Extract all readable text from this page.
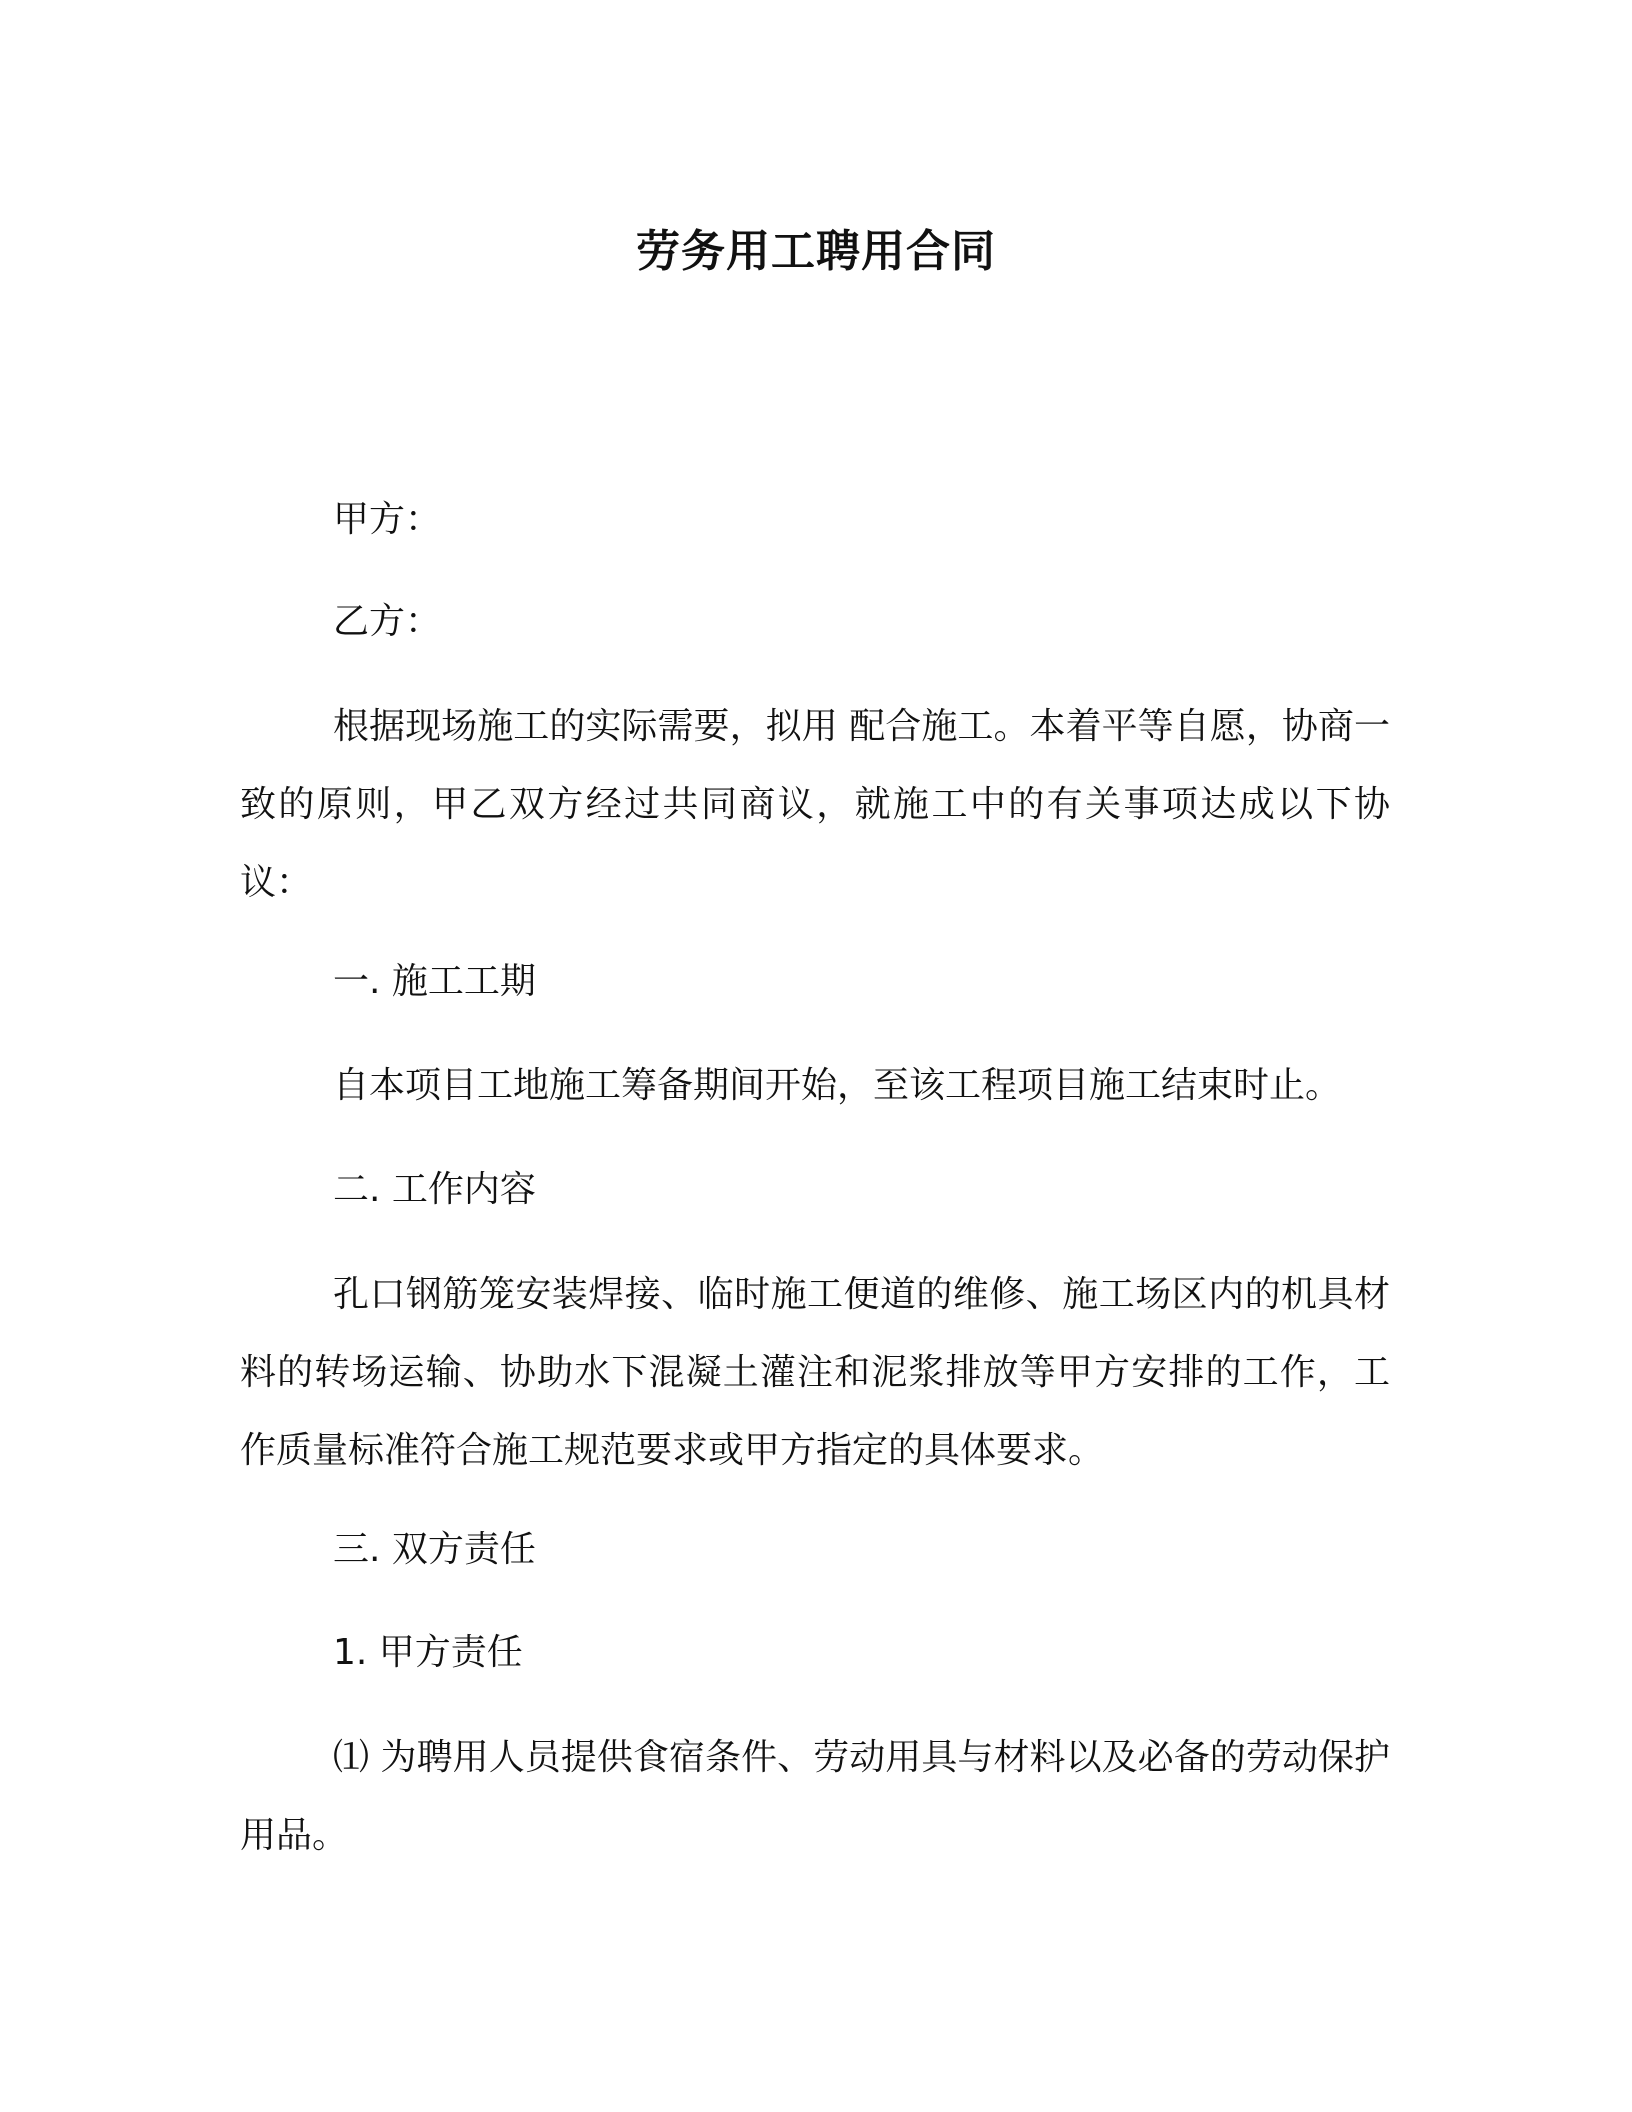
劳务用工聘用合同
甲方：
乙方：
根据现场施工的实际需要，拟用 配合施工。本着平等自愿，协商一致的原则，甲乙双方经过共同商议，就施工中的有关事项达成以下协议：
一. 施工工期
自本项目工地施工筹备期间开始，至该工程项目施工结束时止。
二. 工作内容
孔口钢筋笼安装焊接、临时施工便道的维修、施工场区内的机具材料的转场运输、协助水下混凝土灌注和泥浆排放等甲方安排的工作，工作质量标准符合施工规范要求或甲方指定的具体要求。
三. 双方责任
1. 甲方责任
⑴ 为聘用人员提供食宿条件、劳动用具与材料以及必备的劳动保护用品。
